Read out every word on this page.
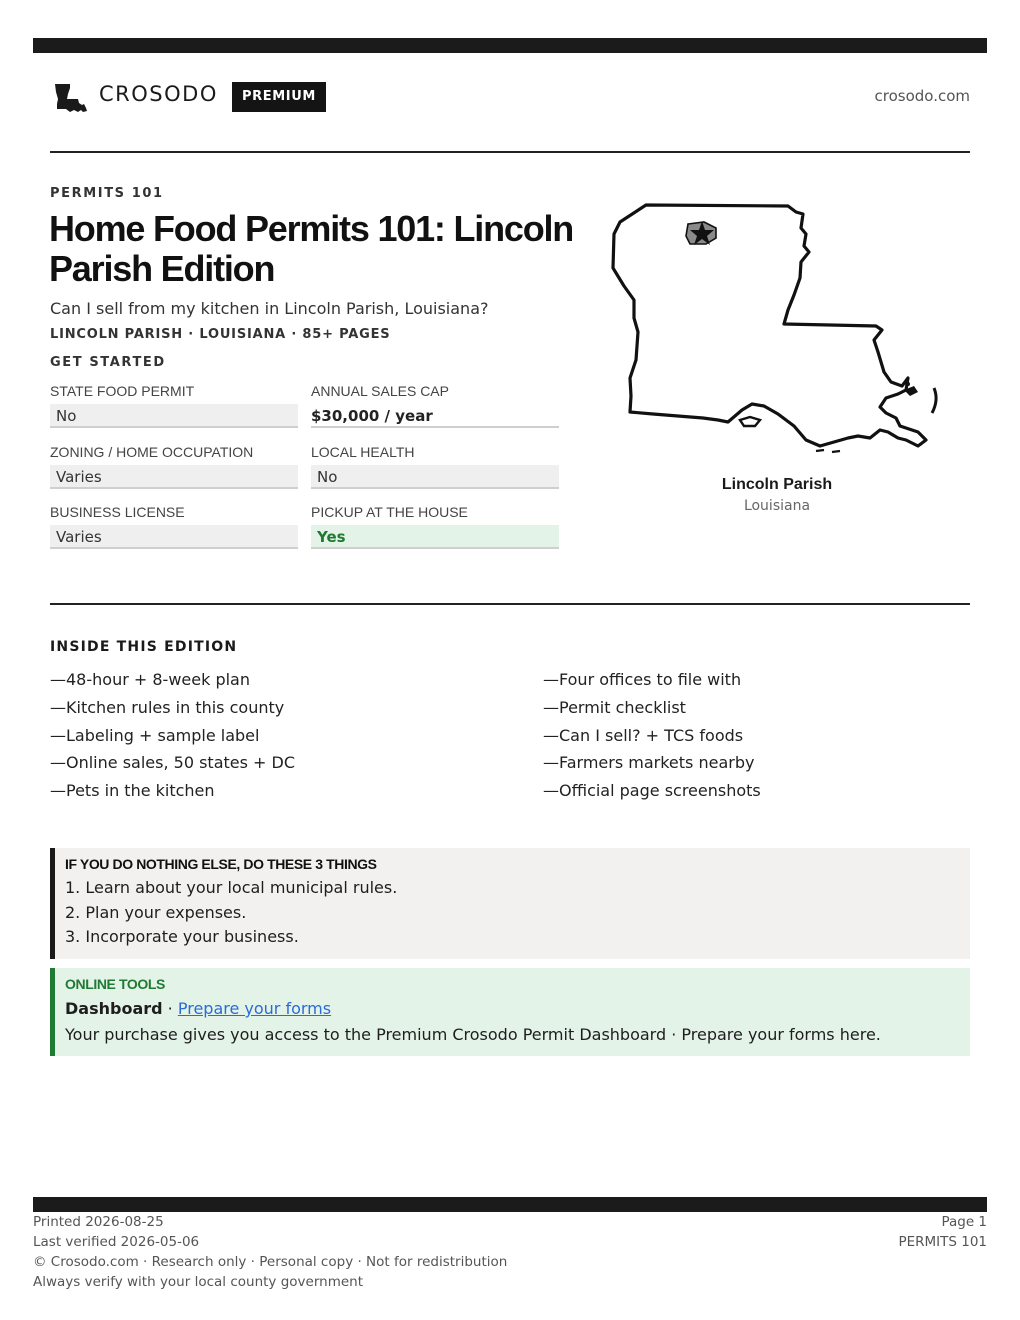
CROSODO	PREMIUM	crosodo.com
PERMITS 101
Home Food Permits 101: Lincoln Parish Edition
Can I sell from my kitchen in Lincoln Parish, Louisiana?
LINCOLN PARISH · LOUISIANA · 85+ PAGES
GET STARTED
STATE FOOD PERMIT
No
ANNUAL SALES CAP
$30,000 / year
ZONING / HOME OCCUPATION
Varies
LOCAL HEALTH
No
BUSINESS LICENSE
Varies
PICKUP AT THE HOUSE
Yes
Lincoln Parish
Louisiana
INSIDE THIS EDITION
—48-hour + 8-week plan
—Kitchen rules in this county
—Labeling + sample label
—Online sales, 50 states + DC
—Pets in the kitchen
—Four offices to file with
—Permit checklist
—Can I sell? + TCS foods
—Farmers markets nearby
—Official page screenshots
IF YOU DO NOTHING ELSE, DO THESE 3 THINGS
1. Learn about your local municipal rules.
2. Plan your expenses.
3. Incorporate your business.
ONLINE TOOLS
Dashboard · Prepare your forms
Your purchase gives you access to the Premium Crosodo Permit Dashboard · Prepare your forms here.
Printed 2026-08-25
Last verified 2026-05-06
© Crosodo.com · Research only · Personal copy · Not for redistribution
Always verify with your local county government
Page 1
PERMITS 101
